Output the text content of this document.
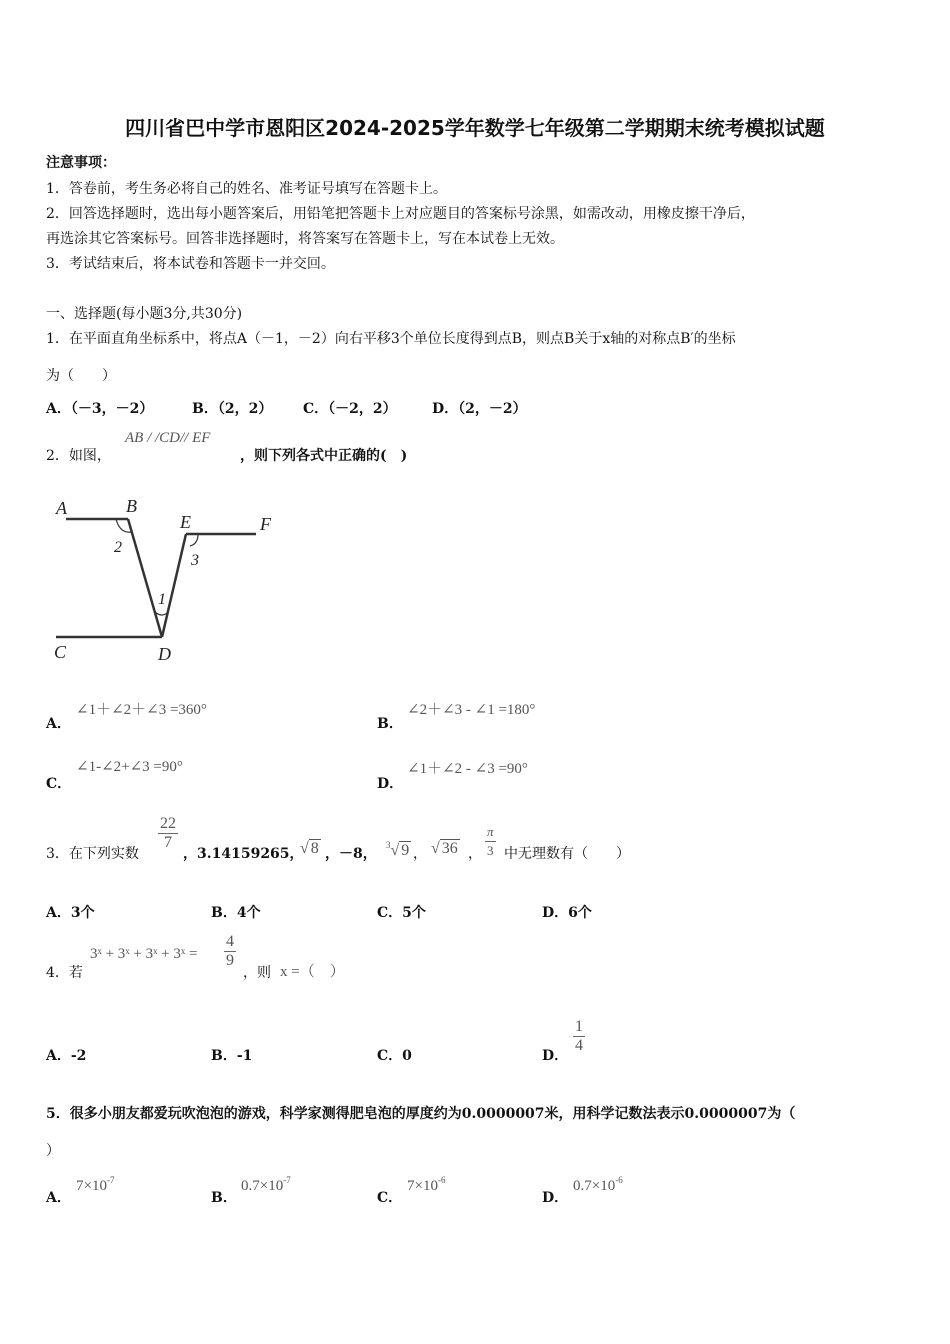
四川省巴中学市恩阳区2024-2025学年数学七年级第二学期期末统考模拟试题
注意事项：
1．答卷前，考生务必将自己的姓名、准考证号填写在答题卡上。
2．回答选择题时，选出每小题答案后，用铅笔把答题卡上对应题目的答案标号涂黑，如需改动，用橡皮擦干净后，
再选涂其它答案标号。回答非选择题时，将答案写在答题卡上，写在本试卷上无效。
3．考试结束后，将本试卷和答题卡一并交回。
一、选择题(每小题3分,共30分)
1．在平面直角坐标系中，将点A（－1，－2）向右平移3个单位长度得到点B，则点B关于x轴的对称点B′的坐标
为（　　）
A．（－3，－2）	B．（2，2） C．（－2，2）	D．（2，－2）
2．如图，
AB / /CD// EF
，则下列各式中正确的(　)
A	B
E	F
C	D
2
3
1
A．
∠1＋∠2＋∠3 =360°
B．
∠2＋∠3 - ∠1 =180°
C．
∠1-∠2+∠3 =90°
D．
∠1＋∠2 - ∠3 =90°
3．在下列实数
$\frac{22}{7}$
，3.14159265，
√ 8 ，－8，
$^3$√ 9 ， √ 36 ， $\frac{\pi}{3}$ 中无理数有（　　）
A．3个	B．4个	C．5个	D．6个
4．若
3ˣ + 3ˣ + 3ˣ + 3ˣ = $\frac{4}{9}$
，则 x =（　）
A．-2	B．-1	C．0	D．
$\frac{1}{4}$
5．很多小朋友都爱玩吹泡泡的游戏，科学家测得肥皂泡的厚度约为0.0000007米，用科学记数法表示0.0000007为（
）
A．
$7\times 10^{-7}$
B．
$0.7\times 10^{-7}$
C．
$7\times 10^{-6}$
D．
$0.7\times 10^{-6}$
